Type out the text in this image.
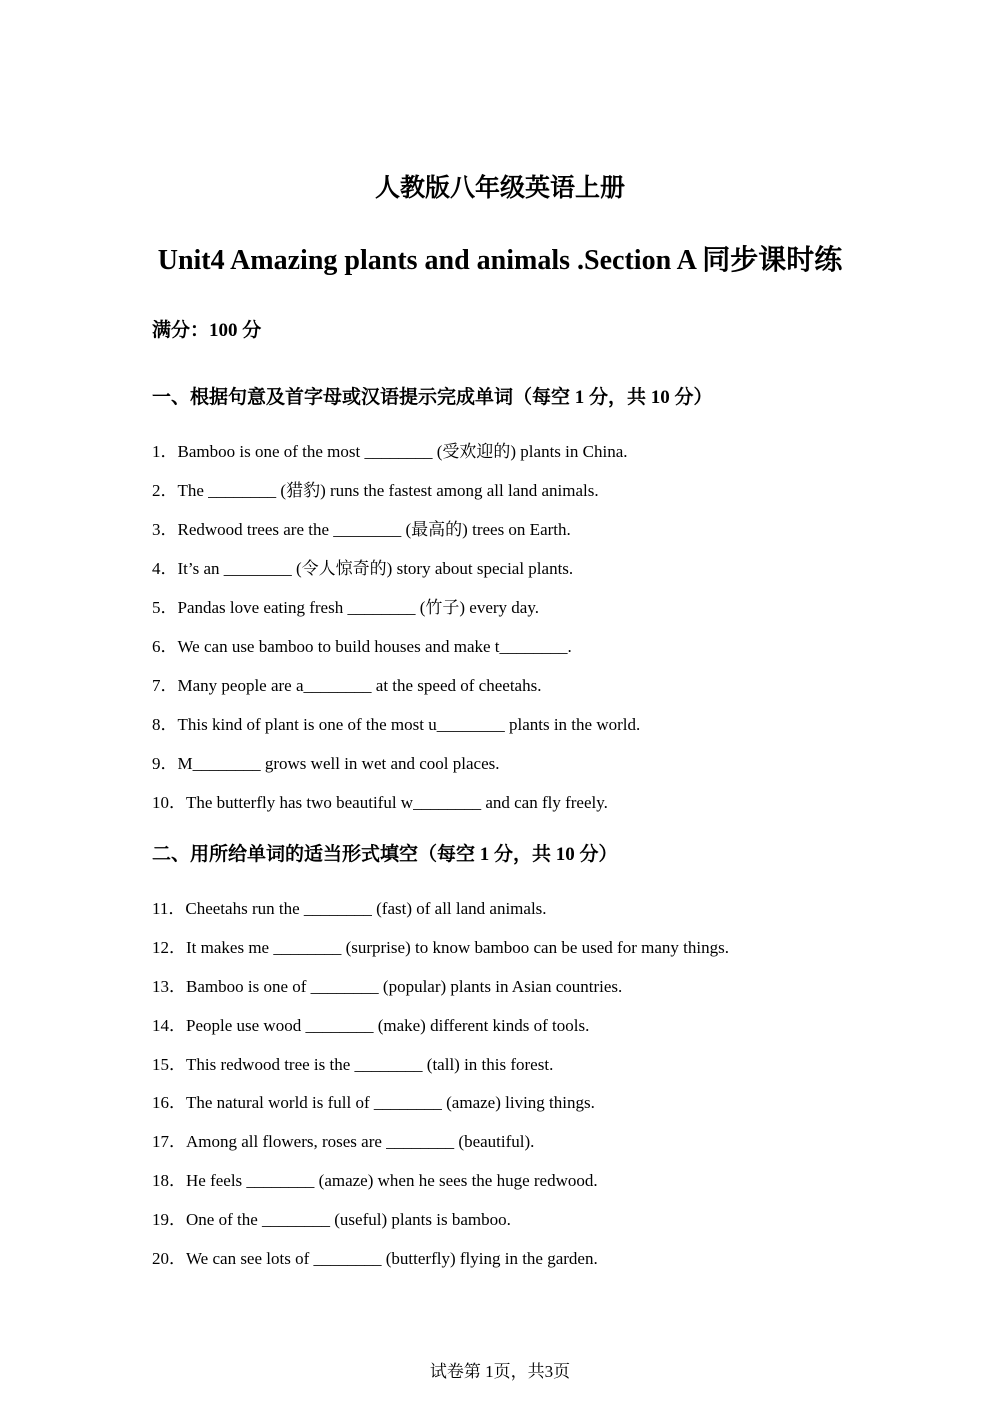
人教版八年级英语上册
Unit4 Amazing plants and animals .Section A 同步课时练

满分：100 分

一、根据句意及首字母或汉语提示完成单词（每空 1 分，共 10 分）
1．Bamboo is one of the most ________ (受欢迎的) plants in China.
2．The ________ (猎豹) runs the fastest among all land animals.
3．Redwood trees are the ________ (最高的) trees on Earth.
4．It’s an ________ (令人惊奇的) story about special plants.
5．Pandas love eating fresh ________ (竹子) every day.
6．We can use bamboo to build houses and make t________.
7．Many people are a________ at the speed of cheetahs.
8．This kind of plant is one of the most u________ plants in the world.
9．M________ grows well in wet and cool places.
10．The butterfly has two beautiful w________ and can fly freely.
二、用所给单词的适当形式填空（每空 1 分，共 10 分）
11．Cheetahs run the ________ (fast) of all land animals.
12．It makes me ________ (surprise) to know bamboo can be used for many things.
13．Bamboo is one of ________ (popular) plants in Asian countries.
14．People use wood ________ (make) different kinds of tools.
15．This redwood tree is the ________ (tall) in this forest.
16．The natural world is full of ________ (amaze) living things.
17．Among all flowers, roses are ________ (beautiful).
18．He feels ________ (amaze) when he sees the huge redwood.
19．One of the ________ (useful) plants is bamboo.
20．We can see lots of ________ (butterfly) flying in the garden.
试卷第 1页，共3页
